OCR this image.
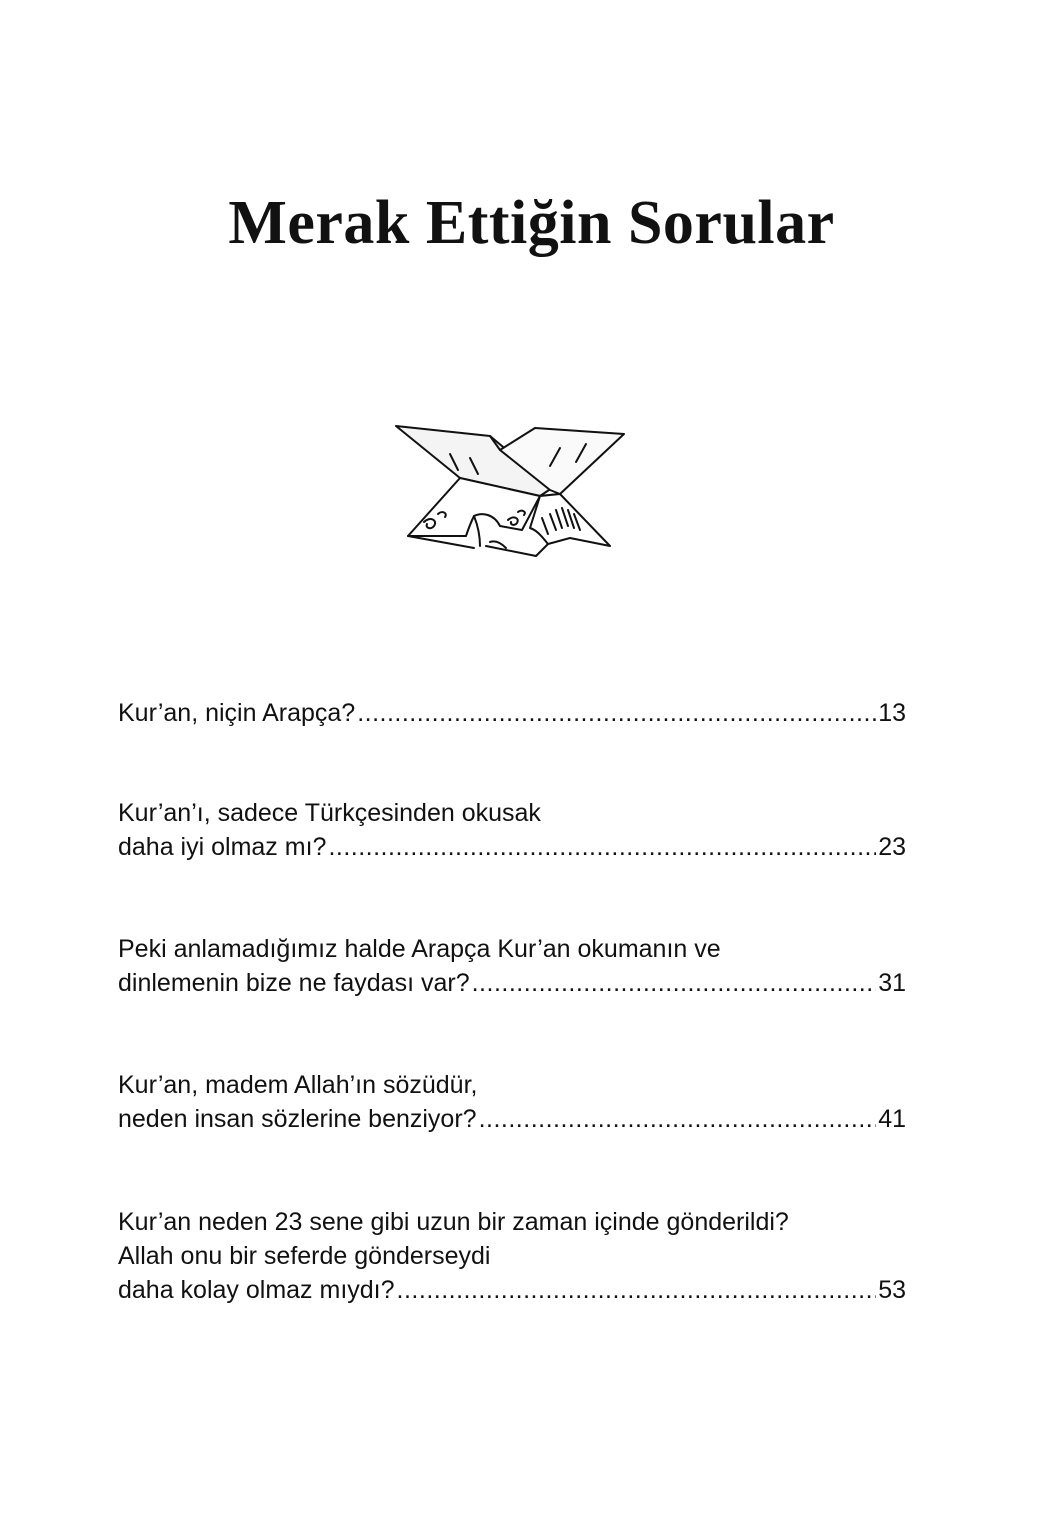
Merak Ettiğin Sorular
Kur’an, niçin Arapça? .....	13
Kur’an’ı, sadece Türkçesinden okusak
daha iyi olmaz mı? .....	23
Peki anlamadığımız halde Arapça Kur’an okumanın ve
dinlemenin bize ne faydası var? .....	31
Kur’an, madem Allah’ın sözüdür,
neden insan sözlerine benziyor? .....	41
Kur’an neden 23 sene gibi uzun bir zaman içinde gönderildi?
Allah onu bir seferde gönderseydi
daha kolay olmaz mıydı? .....	53
